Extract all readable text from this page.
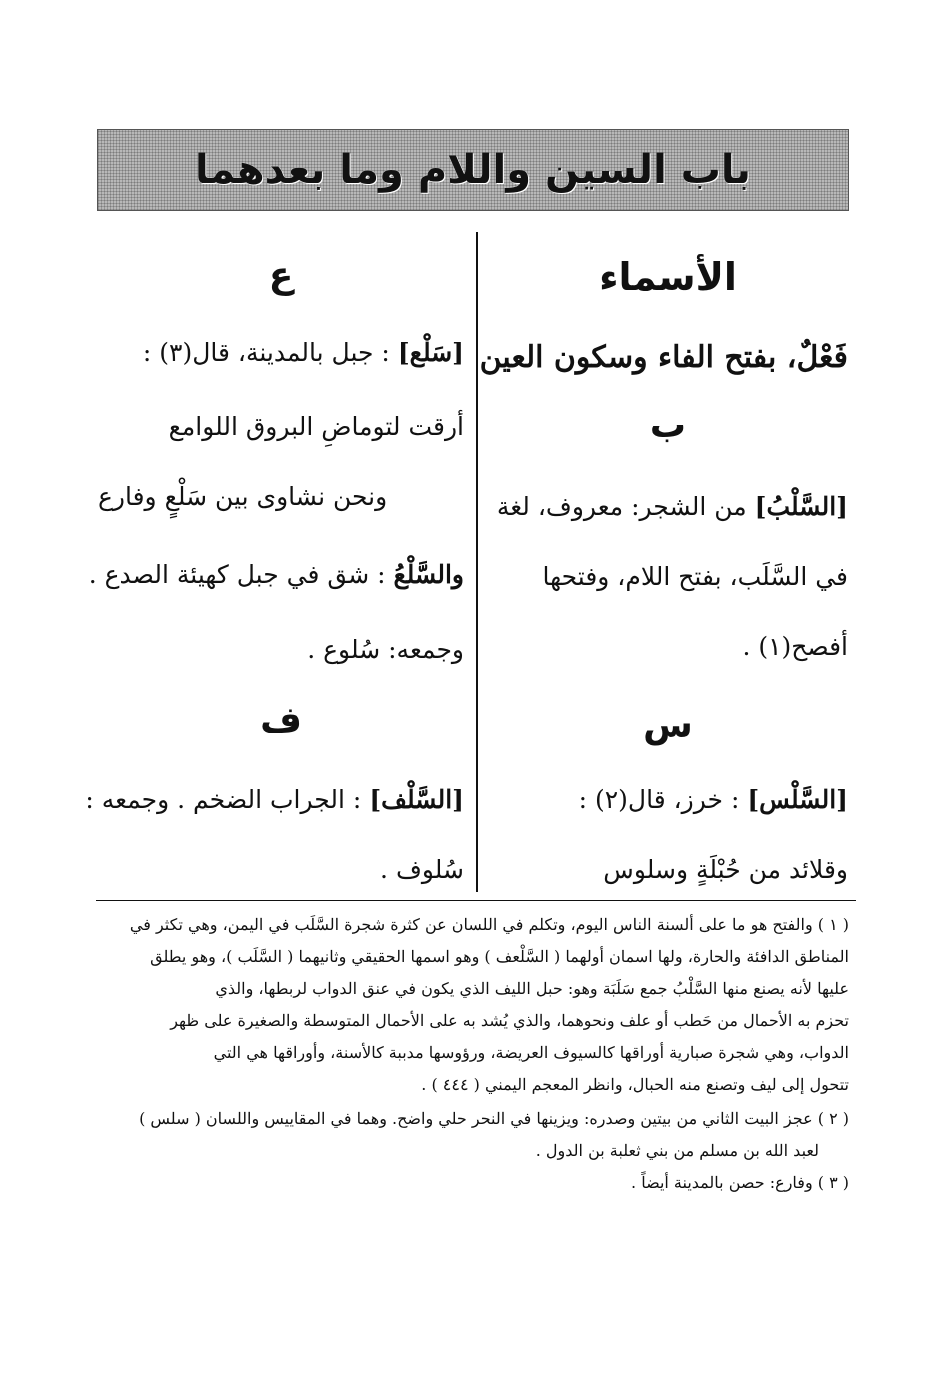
باب السين واللام وما بعدهما
الأسماء
فَعْلٌ، بفتح الفاء وسكون العين
ب
[السَّلْبُ] من الشجر: معروف، لغة
في السَّلَب، بفتح اللام، وفتحها
أفصح(١) .
س
[السَّلْس] : خرز، قال(٢) :
وقلائد من حُبْلَةٍ وسلوس
ع
[سَلْع] : جبل بالمدينة، قال(٣) :
أرقت لتوماضِ البروق اللوامع
ونحن نشاوى بين سَلْعٍ وفارع
والسَّلْعُ : شق في جبل كهيئة الصدع .
وجمعه: سُلوع .
ف
[السَّلْف] : الجراب الضخم . وجمعه :
سُلوف .
( ١ ) والفتح هو ما على ألسنة الناس اليوم، وتكلم في اللسان عن كثرة شجرة السَّلَب في اليمن، وهي تكثر في
المناطق الدافئة والحارة، ولها اسمان أولهما ( السَّلْعف ) وهو اسمها الحقيقي وثانيهما ( السَّلَب )، وهو يطلق
عليها لأنه يصنع منها السَّلْبُ جمع سَلَبَة وهو: حبل الليف الذي يكون في عنق الدواب لربطها، والذي
تحزم به الأحمال من حَطب أو علف ونحوهما، والذي يُشد به على الأحمال المتوسطة والصغيرة على ظهر
الدواب، وهي شجرة صبارية أوراقها كالسيوف العريضة، ورؤوسها مدببة كالأسنة، وأوراقها هي التي
تتحول إلى ليف وتصنع منه الحبال، وانظر المعجم اليمني ( ٤٤٤ ) .
( ٢ ) عجز البيت الثاني من بيتين وصدره: ويزينها في النحر حلي واضح. وهما في المقاييس واللسان ( سلس )
لعبد الله بن مسلم من بني ثعلبة بن الدول .
( ٣ ) وفارع: حصن بالمدينة أيضاً .
